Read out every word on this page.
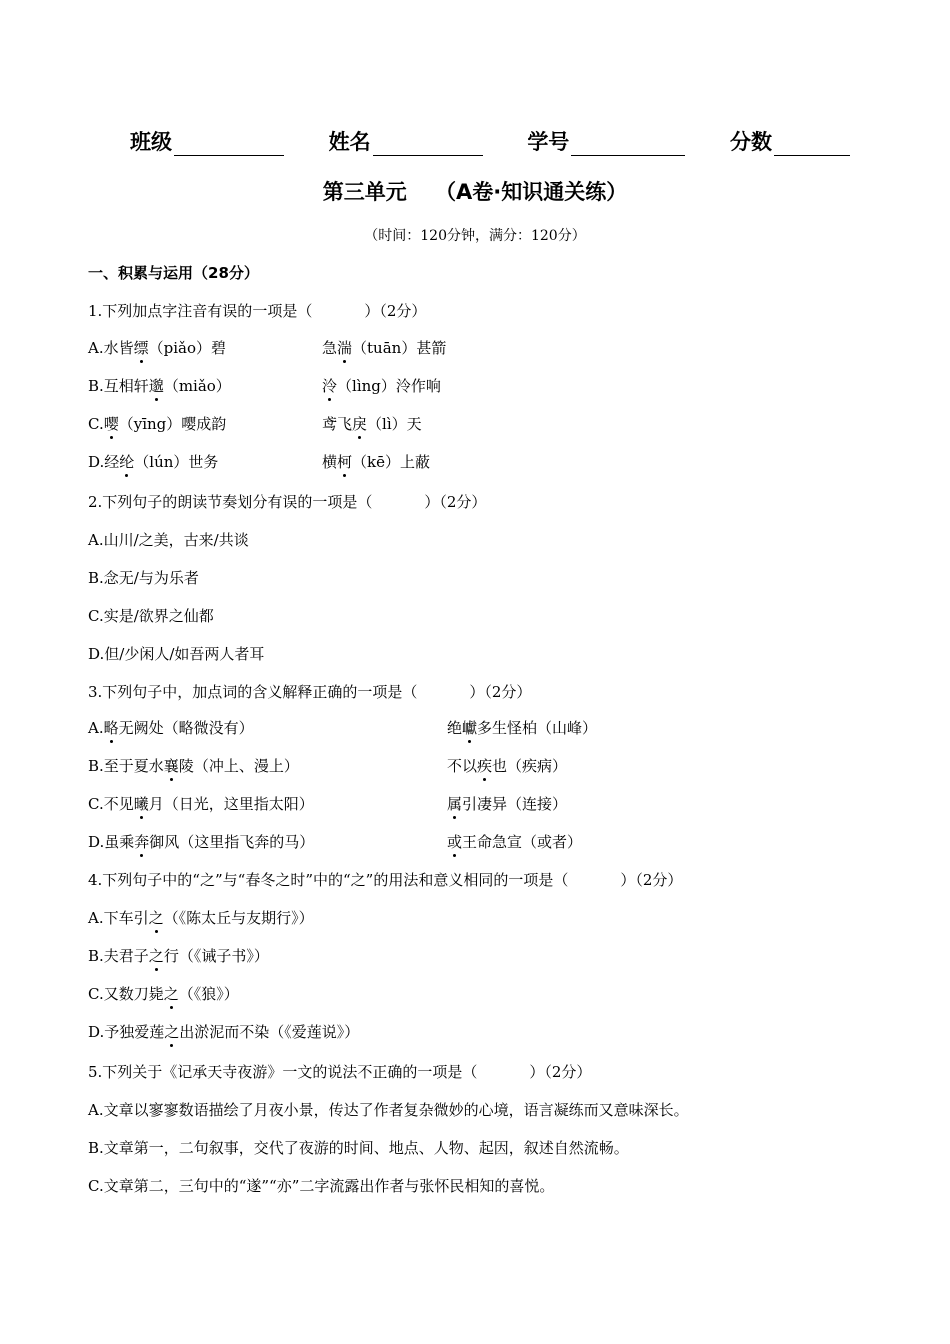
班级	姓名	学号	分数
第三单元　 （A卷·知识通关练）
（时间：120分钟，满分：120分）
一、积累与运用（28分）
1.下列加点字注音有误的一项是（	）（2分）
A.水皆缥（piǎo）碧	急湍（tuān）甚箭
B.互相轩邈（miǎo）	泠（lìng）泠作响
C.嘤（yīng）嘤成韵	鸢飞戾（lì）天
D.经纶（lún）世务	横柯（kē）上蔽
2.下列句子的朗读节奏划分有误的一项是（	）（2分）
A.山川/之美，古来/共谈
B.念无/与为乐者
C.实是/欲界之仙都
D.但/少闲人/如吾两人者耳
3.下列句子中，加点词的含义解释正确的一项是（	）（2分）
A.略无阙处（略微没有）	绝巘多生怪柏（山峰）
B.至于夏水襄陵（冲上、漫上）	不以疾也（疾病）
C.不见曦月（日光，这里指太阳）	属引凄异（连接）
D.虽乘奔御风（这里指飞奔的马）	或王命急宣（或者）
4.下列句子中的“之”与“春冬之时”中的“之”的用法和意义相同的一项是（	）（2分）
A.下车引之（《陈太丘与友期行》）
B.夫君子之行（《诫子书》）
C.又数刀毙之（《狼》）
D.予独爱莲之出淤泥而不染（《爱莲说》）
5.下列关于《记承天寺夜游》一文的说法不正确的一项是（	）（2分）
A.文章以寥寥数语描绘了月夜小景，传达了作者复杂微妙的心境，语言凝练而又意味深长。
B.文章第一，二句叙事，交代了夜游的时间、地点、人物、起因，叙述自然流畅。
C.文章第二，三句中的“遂”“亦”二字流露出作者与张怀民相知的喜悦。
